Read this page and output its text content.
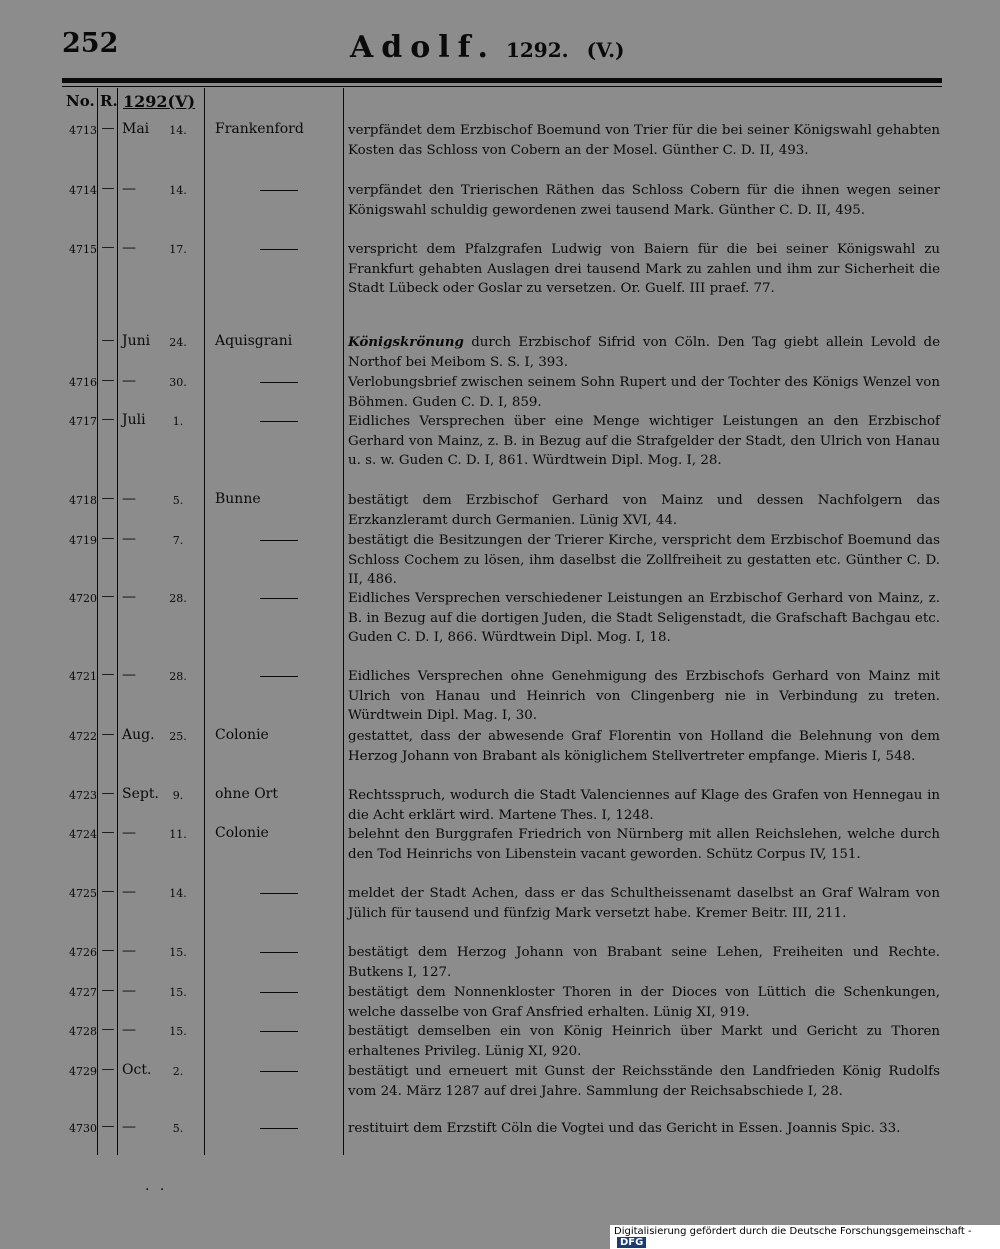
252	Adolf. 1292. (V.)
No. R. 1292(V)
4713 — Mai	14.	Frankenford	verpfändet dem Erzbischof Boemund von Trier für die bei seiner Königswahl gehabten Kosten das Schloss von Cobern an der Mosel. Günther C. D. II, 493.
4714 — —	14.	verpfändet den Trierischen Räthen das Schloss Cobern für die ihnen wegen seiner Königswahl schuldig gewordenen zwei tausend Mark. Günther C. D. II, 495.
4715 — —	17.	verspricht dem Pfalzgrafen Ludwig von Baiern für die bei seiner Königswahl zu Frankfurt gehabten Auslagen drei tausend Mark zu zahlen und ihm zur Sicherheit die Stadt Lübeck oder Goslar zu versetzen. Or. Guelf. III praef. 77.
— Juni	24.	Aquisgrani	Königskrönung durch Erzbischof Sifrid von Cöln. Den Tag giebt allein Levold de Northof bei Meibom S. S. I, 393.
4716 — —	30.	Verlobungsbrief zwischen seinem Sohn Rupert und der Tochter des Königs Wenzel von Böhmen. Guden C. D. I, 859.
4717 — Juli	1.	Eidliches Versprechen über eine Menge wichtiger Leistungen an den Erzbischof Gerhard von Mainz, z. B. in Bezug auf die Strafgelder der Stadt, den Ulrich von Hanau u. s. w. Guden C. D. I, 861. Würdtwein Dipl. Mog. I, 28.
4718 — —	5.	Bunne	bestätigt dem Erzbischof Gerhard von Mainz und dessen Nachfolgern das Erzkanzleramt durch Germanien. Lünig XVI, 44.
4719 — —	7.	bestätigt die Besitzungen der Trierer Kirche, verspricht dem Erzbischof Boemund das Schloss Cochem zu lösen, ihm daselbst die Zollfreiheit zu gestatten etc. Günther C. D. II, 486.
4720 — —	28.	Eidliches Versprechen verschiedener Leistungen an Erzbischof Gerhard von Mainz, z. B. in Bezug auf die dortigen Juden, die Stadt Seligenstadt, die Grafschaft Bachgau etc. Guden C. D. I, 866. Würdtwein Dipl. Mog. I, 18.
4721 — —	28.	Eidliches Versprechen ohne Genehmigung des Erzbischofs Gerhard von Mainz mit Ulrich von Hanau und Heinrich von Clingenberg nie in Verbindung zu treten. Würdtwein Dipl. Mag. I, 30.
4722 — Aug.	25.	Colonie	gestattet, dass der abwesende Graf Florentin von Holland die Belehnung von dem Herzog Johann von Brabant als königlichem Stellvertreter empfange. Mieris I, 548.
4723 — Sept.	9.	ohne Ort	Rechtsspruch, wodurch die Stadt Valenciennes auf Klage des Grafen von Hennegau in die Acht erklärt wird. Martene Thes. I, 1248.
4724 — —	11.	Colonie	belehnt den Burggrafen Friedrich von Nürnberg mit allen Reichslehen, welche durch den Tod Heinrichs von Libenstein vacant geworden. Schütz Corpus IV, 151.
4725 — —	14.	meldet der Stadt Achen, dass er das Schultheissenamt daselbst an Graf Walram von Jülich für tausend und fünfzig Mark versetzt habe. Kremer Beitr. III, 211.
4726 — —	15.	bestätigt dem Herzog Johann von Brabant seine Lehen, Freiheiten und Rechte. Butkens I, 127.
4727 — —	15.	bestätigt dem Nonnenkloster Thoren in der Dioces von Lüttich die Schenkungen, welche dasselbe von Graf Ansfried erhalten. Lünig XI, 919.
4728 — —	15.	bestätigt demselben ein von König Heinrich über Markt und Gericht zu Thoren erhaltenes Privileg. Lünig XI, 920.
4729 — Oct.	2.	bestätigt und erneuert mit Gunst der Reichsstände den Landfrieden König Rudolfs vom 24. März 1287 auf drei Jahre. Sammlung der Reichsabschiede I, 28.
4730 — —	5.	restituirt dem Erzstift Cöln die Vogtei und das Gericht in Essen. Joannis Spic. 33.
· ·
Digitalisierung gefördert durch die Deutsche Forschungsgemeinschaft -DFG
